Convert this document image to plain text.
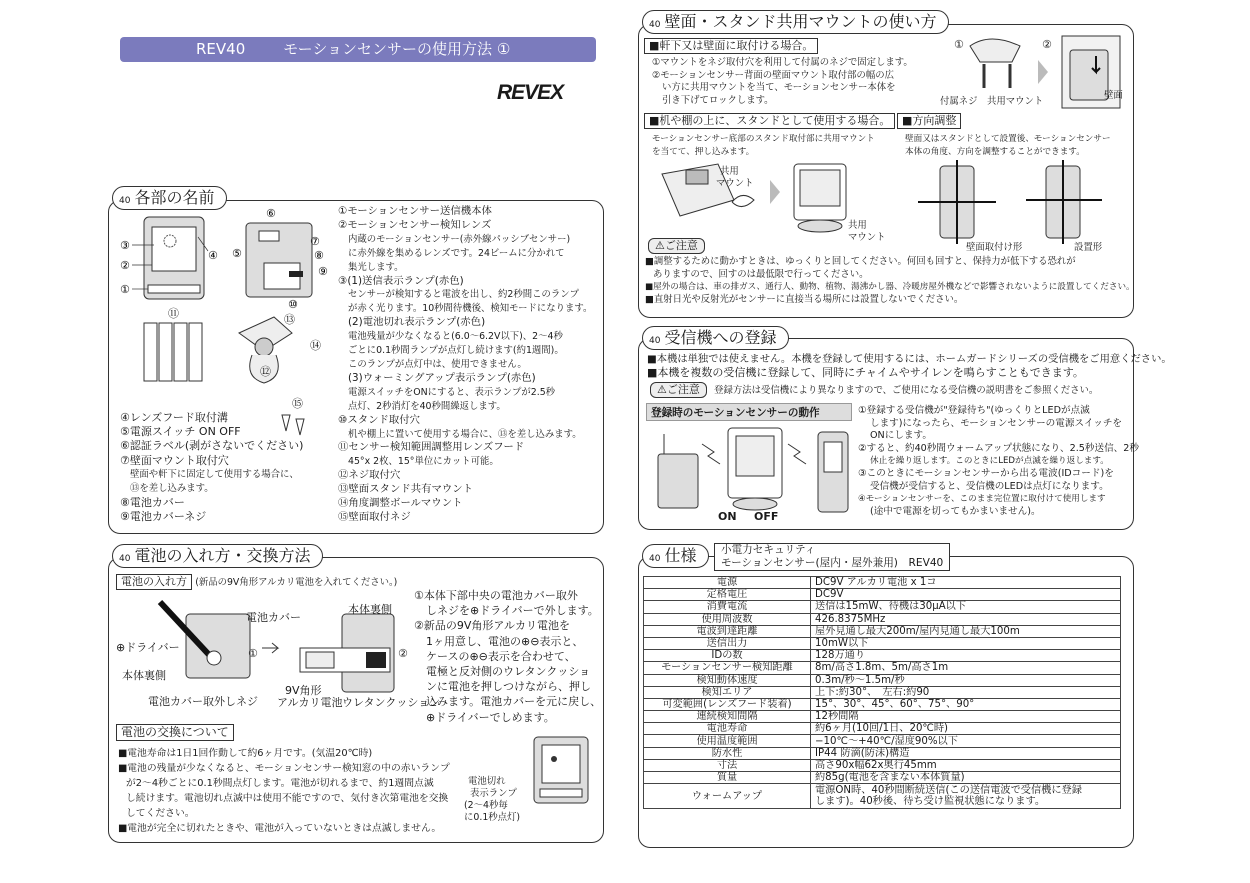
REV40	モーションセンサーの使用方法 ①
REVEX
40 各部の名前
③
②
①
④ ⑤
⑥
⑦
⑧
⑨
⑩
⑪	⑬
⑭
⑫
⑮
④レンズフード取付溝
⑤電源スイッチ ON OFF
⑥認証ラベル(剥がさないでください)
⑦壁面マウント取付穴
壁面や軒下に固定して使用する場合に、
⑬を差し込みます。
⑧電池カバー
⑨電池カバーネジ
①モーションセンサー送信機本体
②モーションセンサー検知レンズ
内蔵のモーションセンサー(赤外線パッシブセンサー)
に赤外線を集めるレンズです。24ビームに分かれて
集光します。
③(1)送信表示ランプ(赤色)
センサーが検知すると電波を出し、約2秒間このランプ
が赤く光ります。10秒間待機後、検知モードになります。
(2)電池切れ表示ランプ(赤色)
電池残量が少なくなると(6.0～6.2V以下)、2～4秒
ごとに0.1秒間ランプが点灯し続けます(約1週間)。
このランプが点灯中は、使用できません。
(3)ウォーミングアップ表示ランプ(赤色)
電源スイッチをONにすると、表示ランプが2.5秒
点灯、2秒消灯を40秒間繰返します。
⑩スタンド取付穴
机や棚上に置いて使用する場合に、⑬を差し込みます。
⑪センサー検知範囲調整用レンズフード
45°x 2枚、15°単位にカット可能。
⑫ネジ取付穴
⑬壁面スタンド共有マウント
⑭角度調整ボールマウント
⑮壁面取付ネジ
40 電池の入れ方・交換方法
電池の入れ方 (新品の9V角形アルカリ電池を入れてください。)
電池カバー
⊕ドライバー
本体裏側
電池カバー取外しネジ
本体裏側
9V角形
アルカリ電池 ウレタンクッション
①	②
①本体下部中央の電池カバー取外
しネジを⊕ドライバーで外します。
②新品の9V角形アルカリ電池を
1ヶ用意し、電池の⊕⊖表示と、
ケースの⊕⊖表示を合わせて、
電極と反対側のウレタンクッショ
ンに電池を押しつけながら、押し
込みます。電池カバーを元に戻し、
⊕ドライバーでしめます。
電池の交換について
■電池寿命は1日1回作動して約6ヶ月です。(気温20℃時)
■電池の残量が少なくなると、モーションセンサー検知窓の中の赤いランプ
が2～4秒ごとに0.1秒間点灯します。電池が切れるまで、約1週間点滅
し続けます。電池切れ点滅中は使用不能ですので、気付き次第電池を交換
してください。
■電池が完全に切れたときや、電池が入っていないときは点滅しません。
電池切れ
表示ランプ
(2～4秒毎
に0.1秒点灯)
40 壁面・スタンド共用マウントの使い方
■軒下又は壁面に取付ける場合。
①マウントをネジ取付穴を利用して付属のネジで固定します。
②モーションセンサー背面の壁面マウント取付部の幅の広
い方に共用マウントを当て、モーションセンサー本体を
引き下げてロックします。
①	②
付属ネジ 共用マウント
壁面
■机や棚の上に、スタンドとして使用する場合。	■方向調整
モーションセンサー底部のスタンド取付部に共用マウント
を当てて、押し込みます。
壁面又はスタンドとして設置後、モーションセンサー
本体の角度、方向を調整することができます。
共用
マウント
共用
マウント
壁面取付け形	設置形
⚠ご注意
■調整するために動かすときは、ゆっくりと回してください。何回も回すと、保持力が低下する恐れが
ありますので、回すのは最低限で行ってください。
■屋外の場合は、車の排ガス、通行人、動物、植物、湯沸かし器、冷暖房屋外機などで影響されないように設置してください。
■直射日光や反射光がセンサーに直接当る場所には設置しないでください。
40 受信機への登録
■本機は単独では使えません。本機を登録して使用するには、ホームガードシリーズの受信機をご用意ください。
■本機を複数の受信機に登録して、同時にチャイムやサイレンを鳴らすこともできます。
⚠ご注意 登録方法は受信機により異なりますので、ご使用になる受信機の説明書をご参照ください。
登録時のモーションセンサーの動作
ON OFF
①登録する受信機が"登録待ち"(ゆっくりとLEDが点滅
します)になったら、モーションセンサーの電源スイッチを
ONにします。
②すると、約40秒間ウォームアップ状態になり、2.5秒送信、2秒
休止を繰り返します。このときにLEDが点滅を繰り返します。
③このときにモーションセンサーから出る電波(IDコード)を
受信機が受信すると、受信機のLEDは点灯になります。
④モーションセンサーを、このまま完位置に取付けて使用します
(途中で電源を切ってもかまいません)。
40 仕様	小電力セキュリティ
モーションセンサー(屋内・屋外兼用)　 REV40
電源	DC9V アルカリ電池 x 1コ
定格電圧	DC9V
消費電流	送信は15mW、待機は30μA以下
使用周波数	426.8375MHz
電波到達距離	屋外見通し最大200m/屋内見通し最大100m
送信出力	10mW以下
IDの数	128万通り
モーションセンサー検知距離	8m/高さ1.8m、5m/高さ1m
検知動体速度	0.3m/秒～1.5m/秒
検知エリア	上下:約30°、　左右:約90
可変範囲(レンズフード装着)	15°、30°、45°、60°、75°、90°
連続検知間隔	12秒間隔
電池寿命	約6ヶ月(10回/1日、20℃時)
使用温度範囲	−10℃～+40℃/湿度90%以下
防水性	IP44 防滴(防沫)構造
寸法	高さ90x幅62x奥行45mm
質量	約85g(電池を含まない本体質量)
ウォームアップ	電源ON時、40秒間断続送信(この送信電波で受信機に登録
します)。40秒後、待ち受け監視状態になります。
